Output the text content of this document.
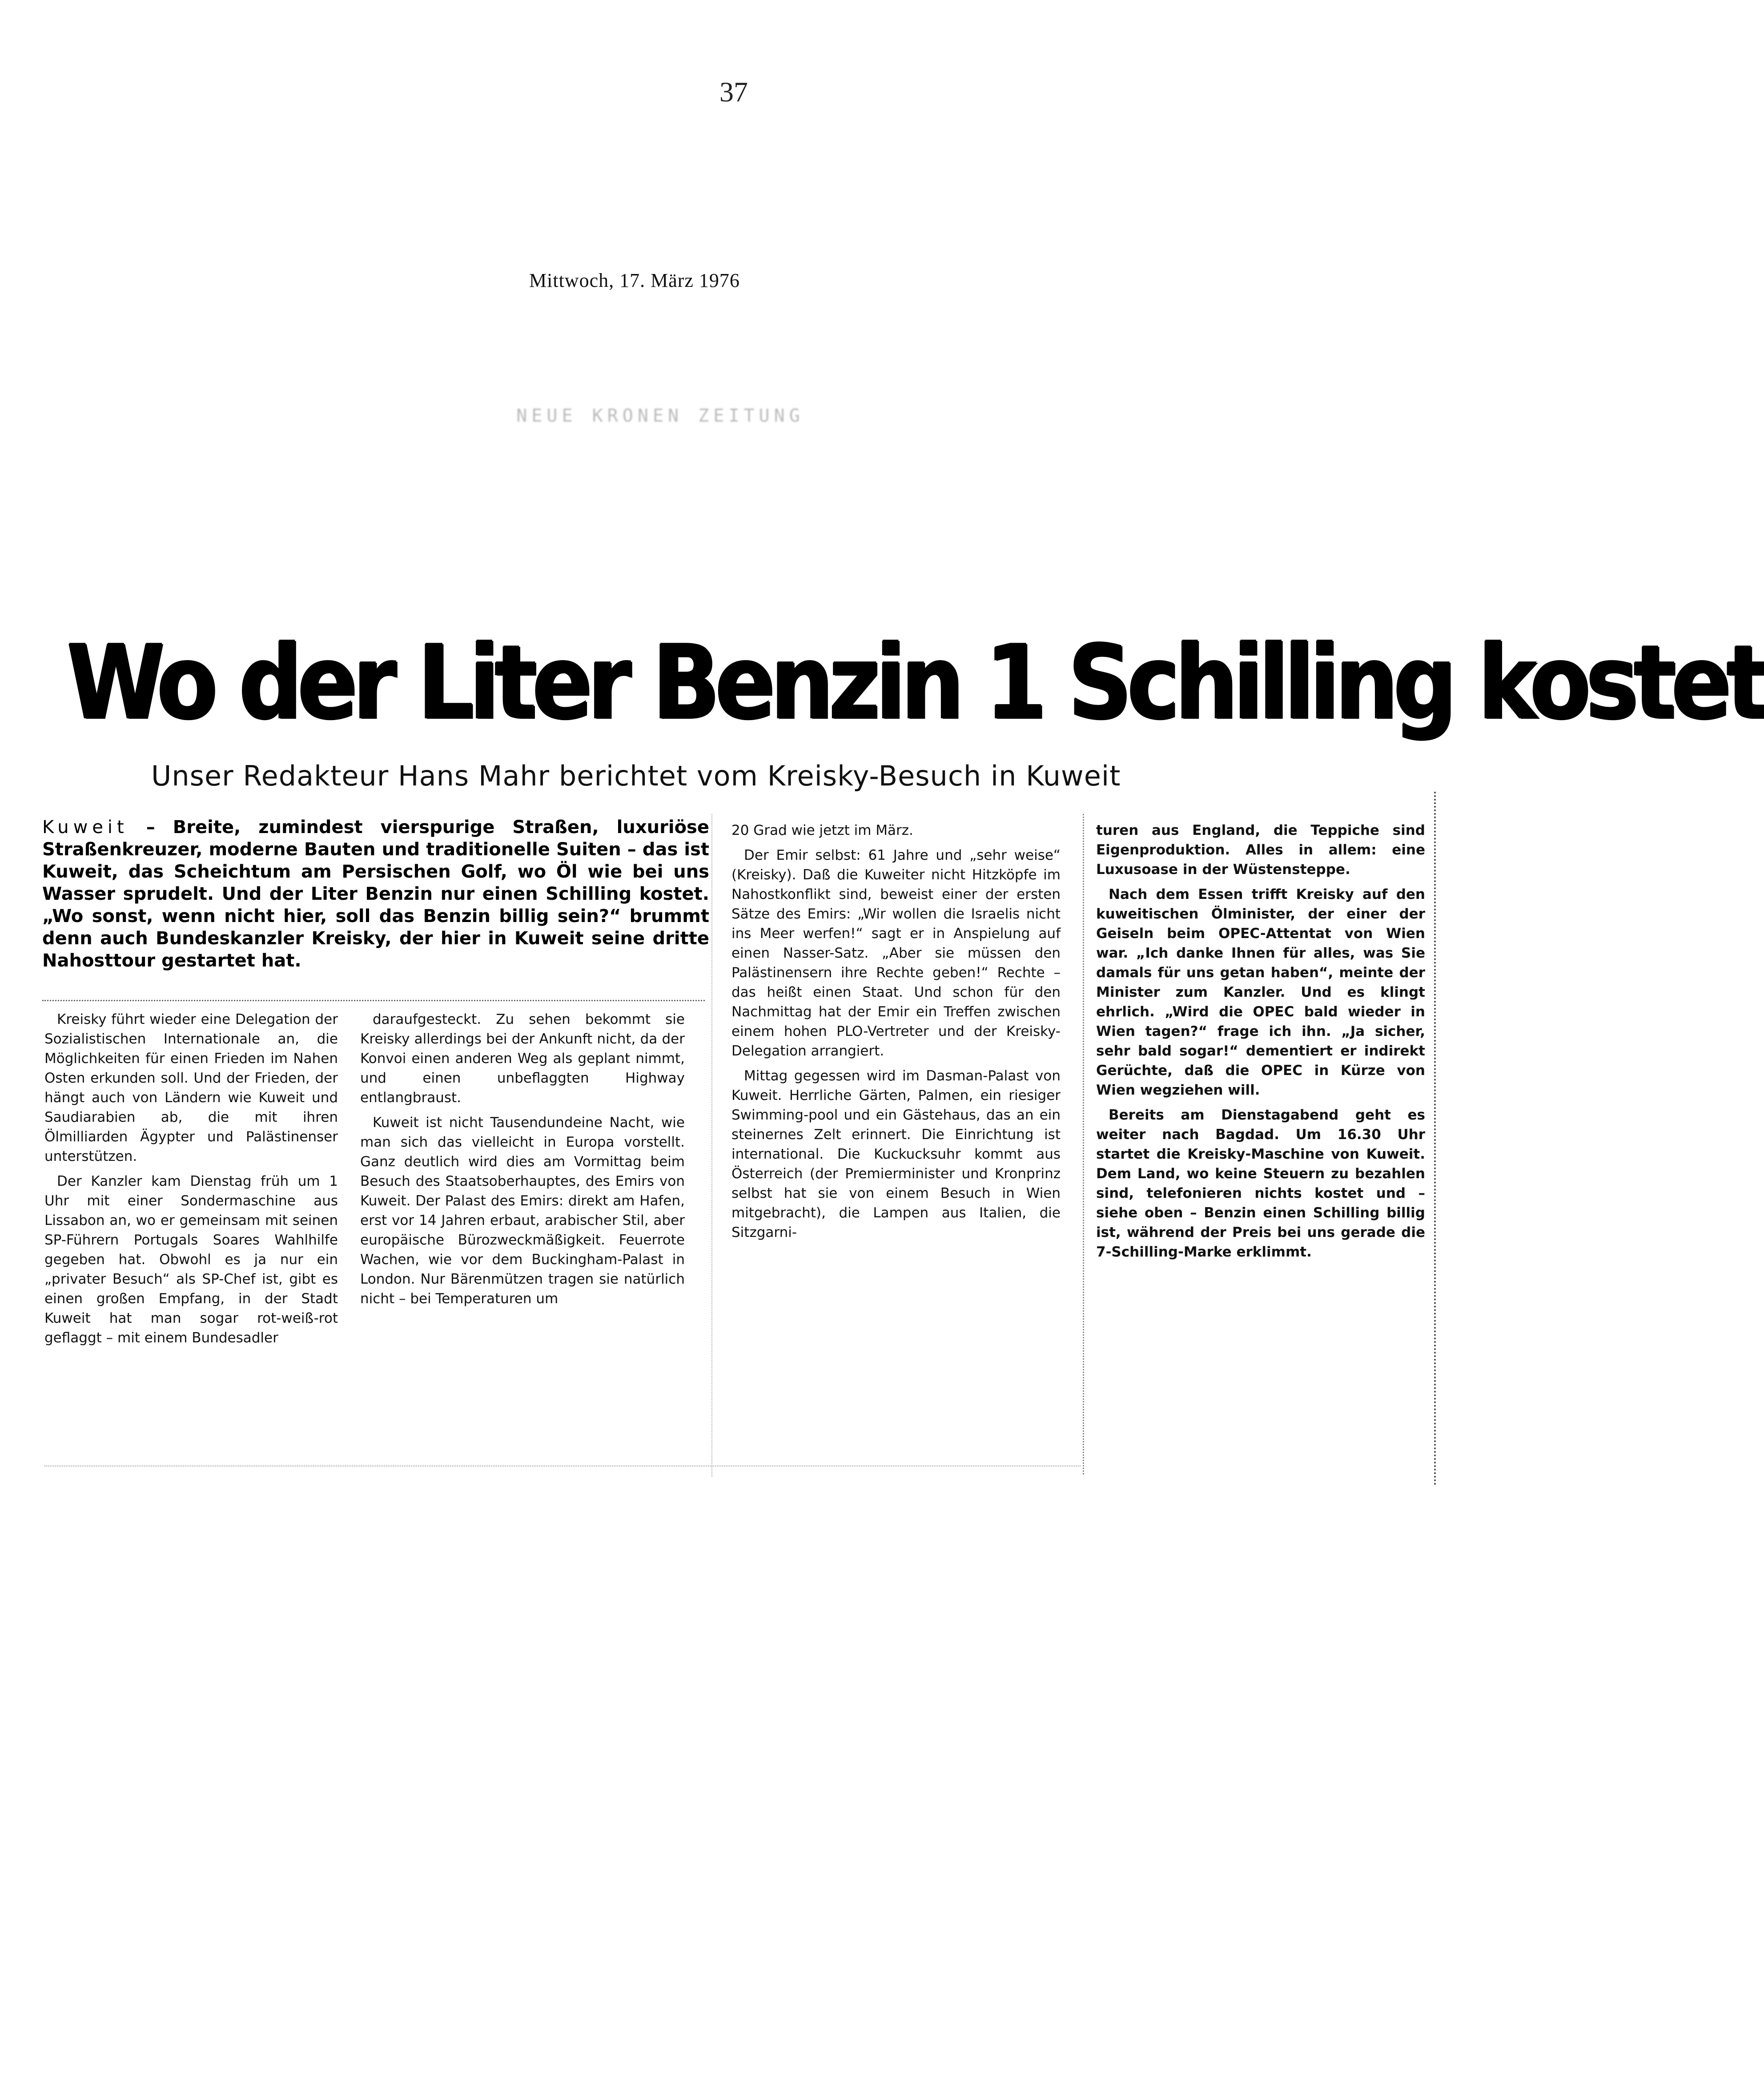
37
Mittwoch, 17. März 1976
NEUE KRONEN ZEITUNG
Wo der Liter Benzin 1 Schilling kostet
Unser Redakteur Hans Mahr berichtet vom Kreisky-Besuch in Kuweit
Kuweit – Breite, zumindest vierspurige Straßen, luxuriöse Straßenkreuzer, moderne Bauten und traditionelle Suiten – das ist Kuweit, das Scheichtum am Persischen Golf, wo Öl wie bei uns Wasser sprudelt. Und der Liter Benzin nur einen Schilling kostet. „Wo sonst, wenn nicht hier, soll das Benzin billig sein?“ brummt denn auch Bundeskanzler Kreisky, der hier in Kuweit seine dritte Nahosttour gestartet hat.

Kreisky führt wieder eine Delegation der Sozialistischen Internationale an, die Möglichkeiten für einen Frieden im Nahen Osten erkunden soll. Und der Frieden, der hängt auch von Ländern wie Kuweit und Saudiarabien ab, die mit ihren Ölmilliarden Ägypter und Palästinenser unterstützen.

Der Kanzler kam Dienstag früh um 1 Uhr mit einer Sondermaschine aus Lissabon an, wo er gemeinsam mit seinen SP-Führern Portugals Soares Wahlhilfe gegeben hat. Obwohl es ja nur ein „privater Besuch“ als SP-Chef ist, gibt es einen großen Empfang, in der Stadt Kuweit hat man sogar rot-weiß-rot geflaggt – mit einem Bundesadler

daraufgesteckt. Zu sehen bekommt sie Kreisky allerdings bei der Ankunft nicht, da der Konvoi einen anderen Weg als geplant nimmt, und einen unbeflaggten Highway entlangbraust.

Kuweit ist nicht Tausendundeine Nacht, wie man sich das vielleicht in Europa vorstellt. Ganz deutlich wird dies am Vormittag beim Besuch des Staatsoberhauptes, des Emirs von Kuweit. Der Palast des Emirs: direkt am Hafen, erst vor 14 Jahren erbaut, arabischer Stil, aber europäische Bürozweckmäßigkeit. Feuerrote Wachen, wie vor dem Buckingham-Palast in London. Nur Bärenmützen tragen sie natürlich nicht – bei Temperaturen um

20 Grad wie jetzt im März.

Der Emir selbst: 61 Jahre und „sehr weise“ (Kreisky). Daß die Kuweiter nicht Hitzköpfe im Nahostkonflikt sind, beweist einer der ersten Sätze des Emirs: „Wir wollen die Israelis nicht ins Meer werfen!“ sagt er in Anspielung auf einen Nasser-Satz. „Aber sie müssen den Palästinensern ihre Rechte geben!“ Rechte – das heißt einen Staat. Und schon für den Nachmittag hat der Emir ein Treffen zwischen einem hohen PLO-Vertreter und der Kreisky-Delegation arrangiert.

Mittag gegessen wird im Dasman-Palast von Kuweit. Herrliche Gärten, Palmen, ein riesiger Swimming-pool und ein Gästehaus, das an ein steinernes Zelt erinnert. Die Einrichtung ist international. Die Kuckucksuhr kommt aus Österreich (der Premierminister und Kronprinz selbst hat sie von einem Besuch in Wien mitgebracht), die Lampen aus Italien, die Sitzgarni-

turen aus England, die Teppiche sind Eigenproduktion. Alles in allem: eine Luxusoase in der Wüstensteppe.

Nach dem Essen trifft Kreisky auf den kuweitischen Ölminister, der einer der Geiseln beim OPEC-Attentat von Wien war. „Ich danke Ihnen für alles, was Sie damals für uns getan haben“, meinte der Minister zum Kanzler. Und es klingt ehrlich. „Wird die OPEC bald wieder in Wien tagen?“ frage ich ihn. „Ja sicher, sehr bald sogar!“ dementiert er indirekt Gerüchte, daß die OPEC in Kürze von Wien wegziehen will.

Bereits am Dienstagabend geht es weiter nach Bagdad. Um 16.30 Uhr startet die Kreisky-Maschine von Kuweit. Dem Land, wo keine Steuern zu bezahlen sind, telefonieren nichts kostet und – siehe oben – Benzin einen Schilling billig ist, während der Preis bei uns gerade die 7-Schilling-Marke erklimmt.
